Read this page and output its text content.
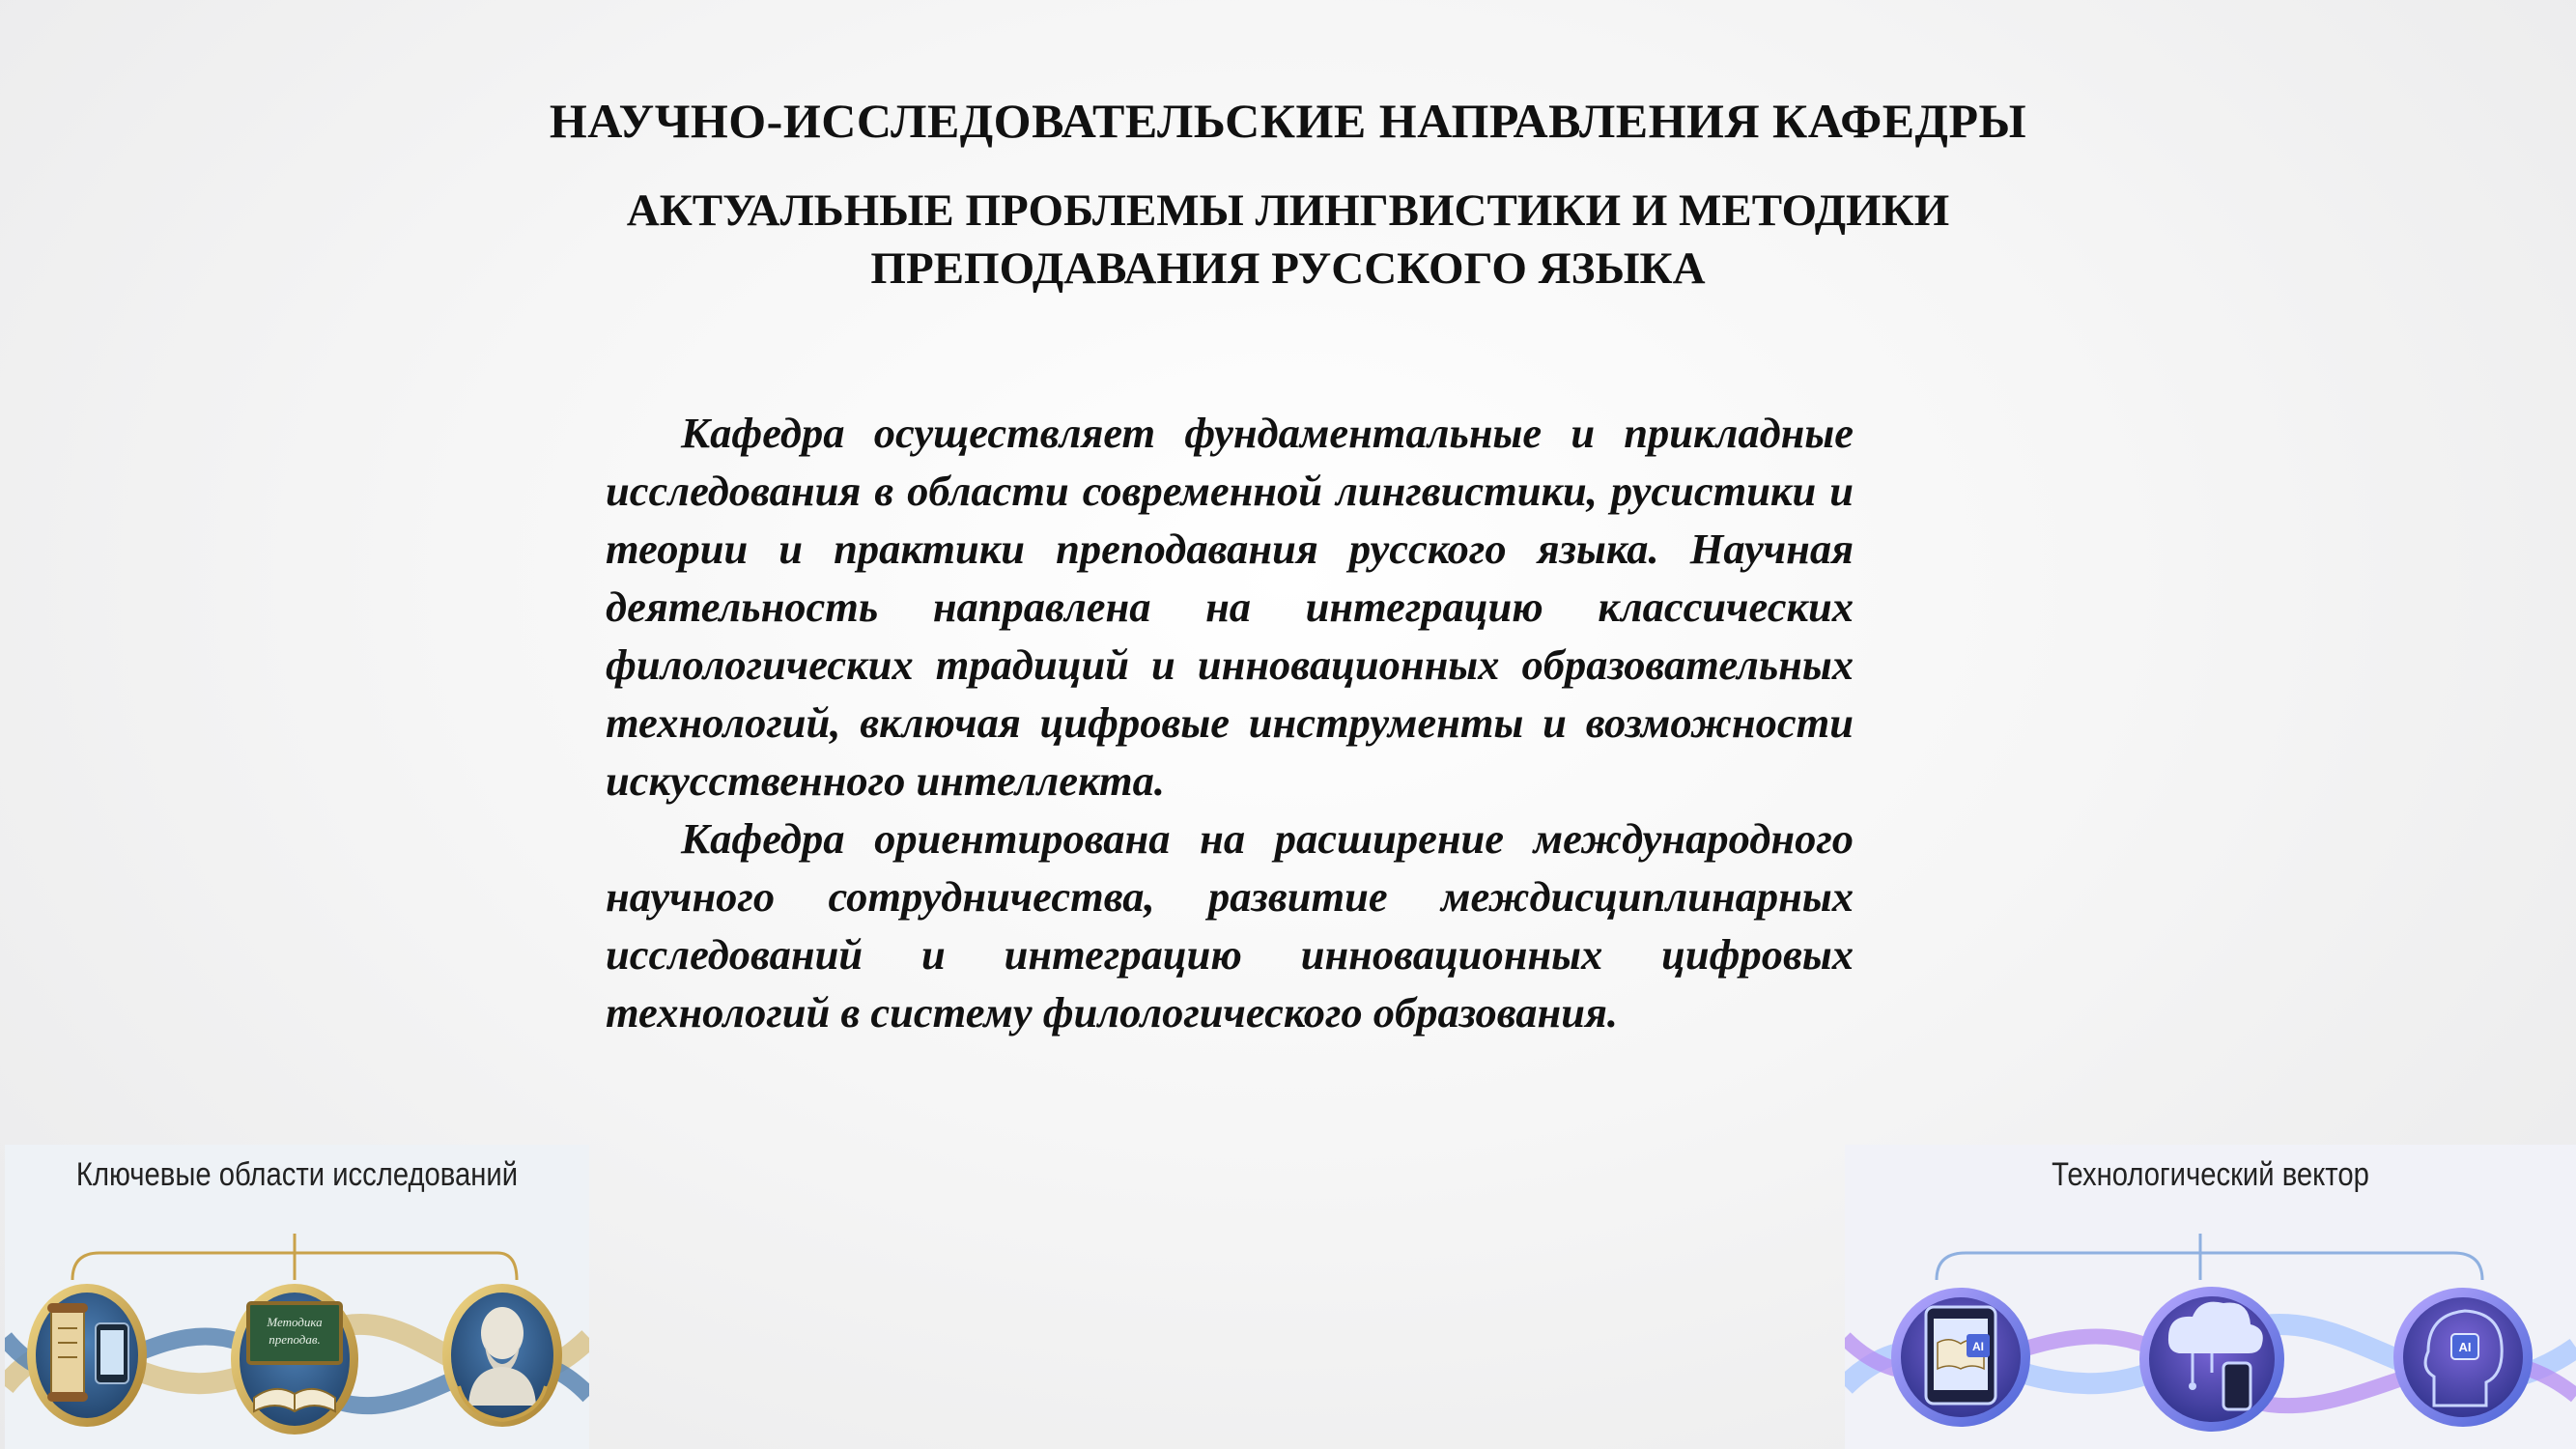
НАУЧНО-ИССЛЕДОВАТЕЛЬСКИЕ НАПРАВЛЕНИЯ КАФЕДРЫ
АКТУАЛЬНЫЕ ПРОБЛЕМЫ ЛИНГВИСТИКИ И МЕТОДИКИ
ПРЕПОДАВАНИЯ РУССКОГО ЯЗЫКА

Кафедра осуществляет фундаментальные и прикладные исследования в области современной лингвистики, русистики и теории и практики преподавания русского языка. Научная деятельность направлена на интеграцию классических филологических традиций и инновационных образовательных технологий, включая цифровые инструменты и возможности искусственного интеллекта.

Кафедра ориентирована на расширение международного научного сотрудничества, развитие междисциплинарных исследований и интеграцию инновационных цифровых технологий в систему филологического образования.

Методика
преподав.
Ключевые области исследований
AI	AI
Технологический вектор
